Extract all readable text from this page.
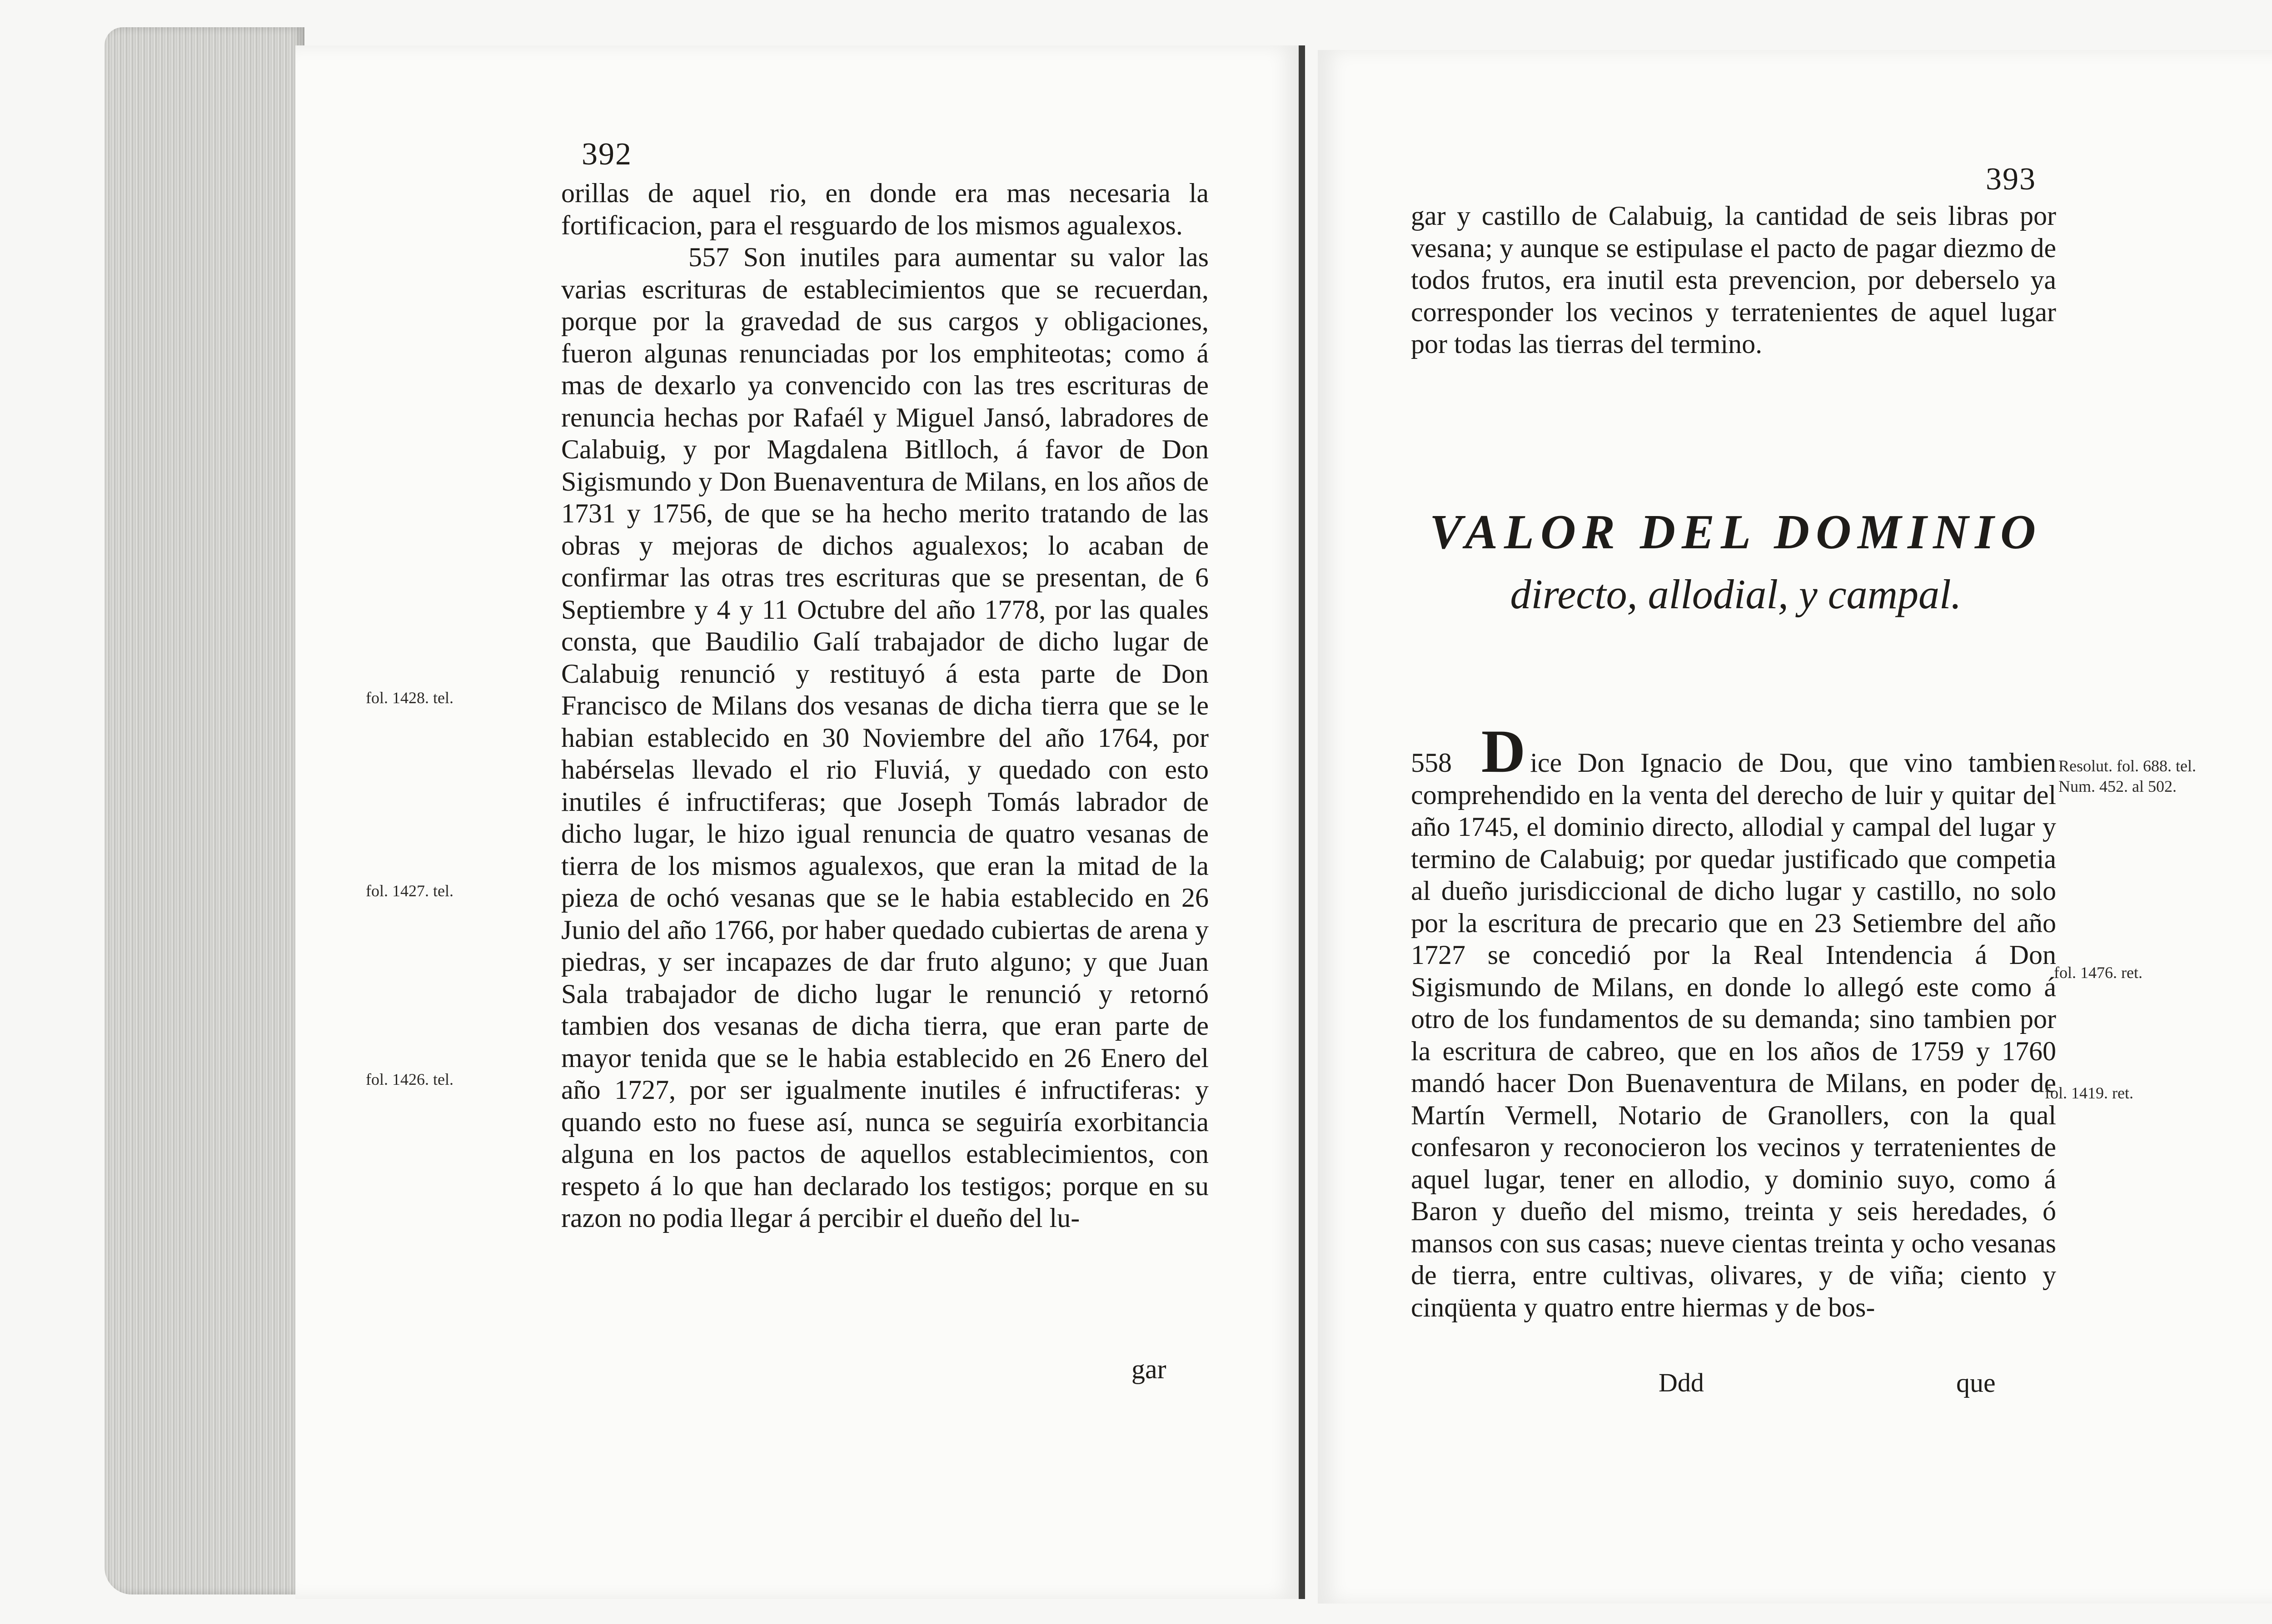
392

orillas de aquel rio, en donde era mas necesaria la fortificacion, para el resguardo de los mismos agualexos.

557 Son inutiles para aumentar su valor las varias escrituras de establecimientos que se recuerdan, porque por la gravedad de sus cargos y obligaciones, fueron algunas renunciadas por los emphiteotas; como á mas de dexarlo ya convencido con las tres escrituras de renuncia hechas por Rafaél y Miguel Jansó, labradores de Calabuig, y por Magdalena Bitlloch, á favor de Don Sigismundo y Don Buenaventura de Milans, en los años de 1731 y 1756, de que se ha hecho merito tratando de las obras y mejoras de dichos agualexos; lo acaban de confirmar las otras tres escrituras que se presentan, de 6 Septiembre y 4 y 11 Octubre del año 1778, por las quales consta, que Baudilio Galí trabajador de dicho lugar de Calabuig renunció y restituyó á esta parte de Don Francisco de Milans dos vesanas de dicha tierra que se le habian establecido en 30 Noviembre del año 1764, por habérselas llevado el rio Fluviá, y quedado con esto inutiles é infructiferas; que Joseph Tomás labrador de dicho lugar, le hizo igual renuncia de quatro vesanas de tierra de los mismos agualexos, que eran la mitad de la pieza de ochó vesanas que se le habia establecido en 26 Junio del año 1766, por haber quedado cubiertas de arena y piedras, y ser incapazes de dar fruto alguno; y que Juan Sala trabajador de dicho lugar le renunció y retornó tambien dos vesanas de dicha tierra, que eran parte de mayor tenida que se le habia establecido en 26 Enero del año 1727, por ser igualmente inutiles é infructiferas: y quando esto no fuese así, nunca se seguiría exorbitancia alguna en los pactos de aquellos establecimientos, con respeto á lo que han declarado los testigos; porque en su razon no podia llegar á percibir el dueño del lu-

gar
fol. 1428. tel.
fol. 1427. tel.
fol. 1426. tel.
393

gar y castillo de Calabuig, la cantidad de seis libras por vesana; y aunque se estipulase el pacto de pagar diezmo de todos frutos, era inutil esta prevencion, por deberselo ya corresponder los vecinos y terratenientes de aquel lugar por todas las tierras del termino.

VALOR DEL DOMINIO
directo, allodial, y campal.

558 D ice Don Ignacio de Dou, que vino tambien comprehendido en la venta del derecho de luir y quitar del año 1745, el dominio directo, allodial y campal del lugar y termino de Calabuig; por quedar justificado que competia al dueño jurisdiccional de dicho lugar y castillo, no solo por la escritura de precario que en 23 Setiembre del año 1727 se concedió por la Real Intendencia á Don Sigismundo de Milans, en donde lo allegó este como á otro de los fundamentos de su demanda; sino tambien por la escritura de cabreo, que en los años de 1759 y 1760 mandó hacer Don Buenaventura de Milans, en poder de Martín Vermell, Notario de Granollers, con la qual confesaron y reconocieron los vecinos y terratenientes de aquel lugar, tener en allodio, y dominio suyo, como á Baron y dueño del mismo, treinta y seis heredades, ó mansos con sus casas; nueve cientas treinta y ocho vesanas de tierra, entre cultivas, olivares, y de viña; ciento y cinqüenta y quatro entre hiermas y de bos-

Ddd	que
Resolut. fol. 688. tel.
Num. 452. al 502.
fol. 1476. ret.
fol. 1419. ret.
